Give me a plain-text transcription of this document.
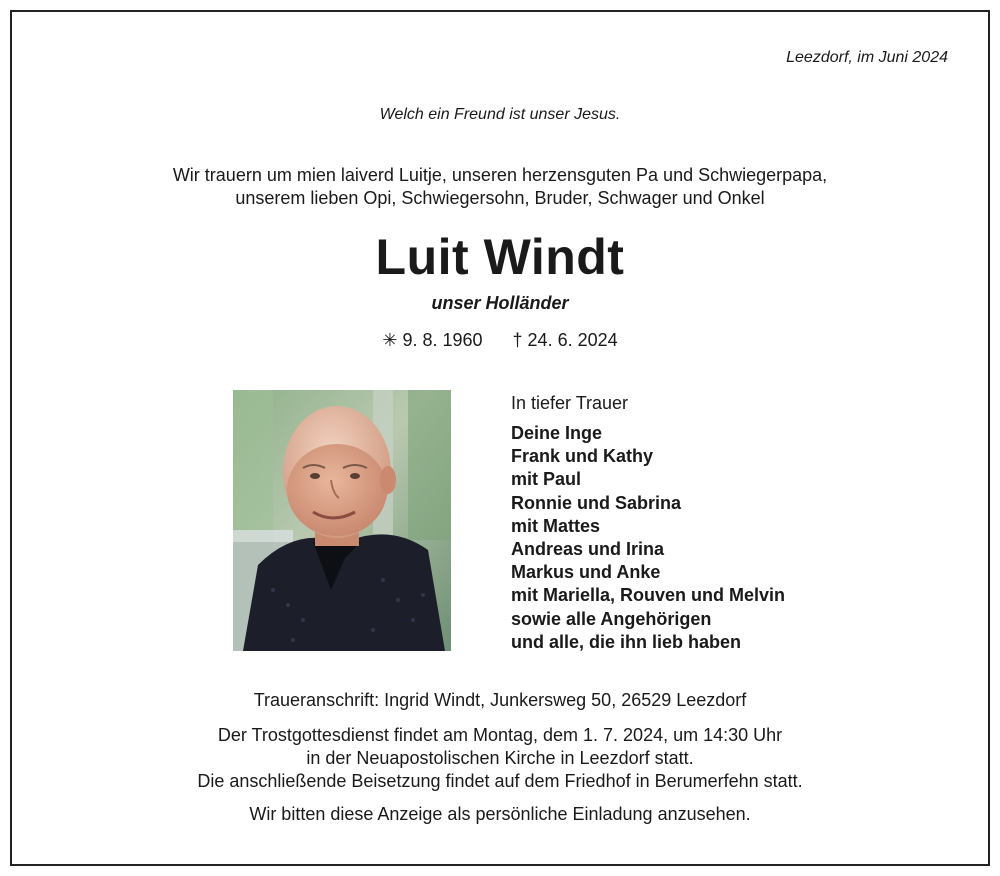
Leezdorf, im Juni 2024
Welch ein Freund ist unser Jesus.
Wir trauern um mien laiverd Luitje, unseren herzensguten Pa und Schwiegerpapa,
unserem lieben Opi, Schwiegersohn, Bruder, Schwager und Onkel
Luit Windt
unser Holländer
✳ 9. 8. 1960 † 24. 6. 2024
In tiefer Trauer
Deine Inge
Frank und Kathy
mit Paul
Ronnie und Sabrina
mit Mattes
Andreas und Irina
Markus und Anke
mit Mariella, Rouven und Melvin
sowie alle Angehörigen
und alle, die ihn lieb haben
Traueranschrift: Ingrid Windt, Junkersweg 50, 26529 Leezdorf
Der Trostgottesdienst findet am Montag, dem 1. 7. 2024, um 14:30 Uhr
in der Neuapostolischen Kirche in Leezdorf statt.
Die anschließende Beisetzung findet auf dem Friedhof in Berumerfehn statt.
Wir bitten diese Anzeige als persönliche Einladung anzusehen.
